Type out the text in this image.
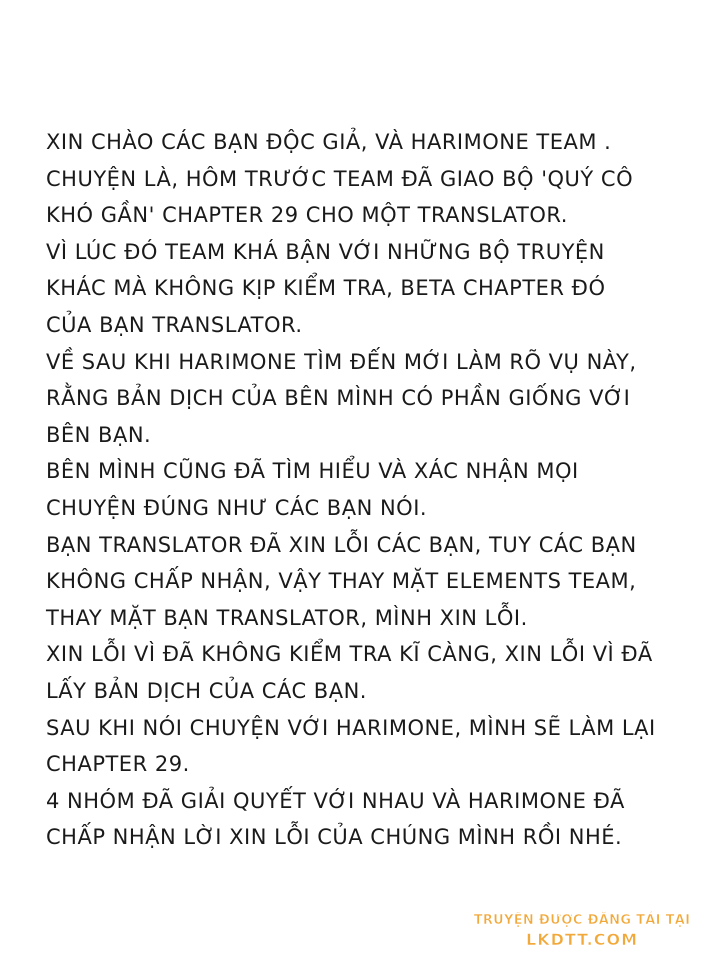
XIN CHÀO CÁC BẠN ĐỘC GIẢ, VÀ HARIMONE TEAM .
CHUYỆN LÀ, HÔM TRƯỚC TEAM ĐÃ GIAO BỘ 'QUÝ CÔ
KHÓ GẦN' CHAPTER 29 CHO MỘT TRANSLATOR.
VÌ LÚC ĐÓ TEAM KHÁ BẬN VỚI NHỮNG BỘ TRUYỆN
KHÁC MÀ KHÔNG KỊP KIỂM TRA, BETA CHAPTER ĐÓ
CỦA BẠN TRANSLATOR.
VỀ SAU KHI HARIMONE TÌM ĐẾN MỚI LÀM RÕ VỤ NÀY,
RẰNG BẢN DỊCH CỦA BÊN MÌNH CÓ PHẦN GIỐNG VỚI
BÊN BẠN.
BÊN MÌNH CŨNG ĐÃ TÌM HIỂU VÀ XÁC NHẬN MỌI
CHUYỆN ĐÚNG NHƯ CÁC BẠN NÓI.
BẠN TRANSLATOR ĐÃ XIN LỖI CÁC BẠN, TUY CÁC BẠN
KHÔNG CHẤP NHẬN, VẬY THAY MẶT ELEMENTS TEAM,
THAY MẶT BẠN TRANSLATOR, MÌNH XIN LỖI.
XIN LỖI VÌ ĐÃ KHÔNG KIỂM TRA KĨ CÀNG, XIN LỖI VÌ ĐÃ
LẤY BẢN DỊCH CỦA CÁC BẠN.
SAU KHI NÓI CHUYỆN VỚI HARIMONE, MÌNH SẼ LÀM LẠI
CHAPTER 29.
4 NHÓM ĐÃ GIẢI QUYẾT VỚI NHAU VÀ HARIMONE ĐÃ
CHẤP NHẬN LỜI XIN LỖI CỦA CHÚNG MÌNH RỒI NHÉ.
TRUYỆN ĐƯỢC ĐĂNG TẢI TẠI
LKDTT.COM
